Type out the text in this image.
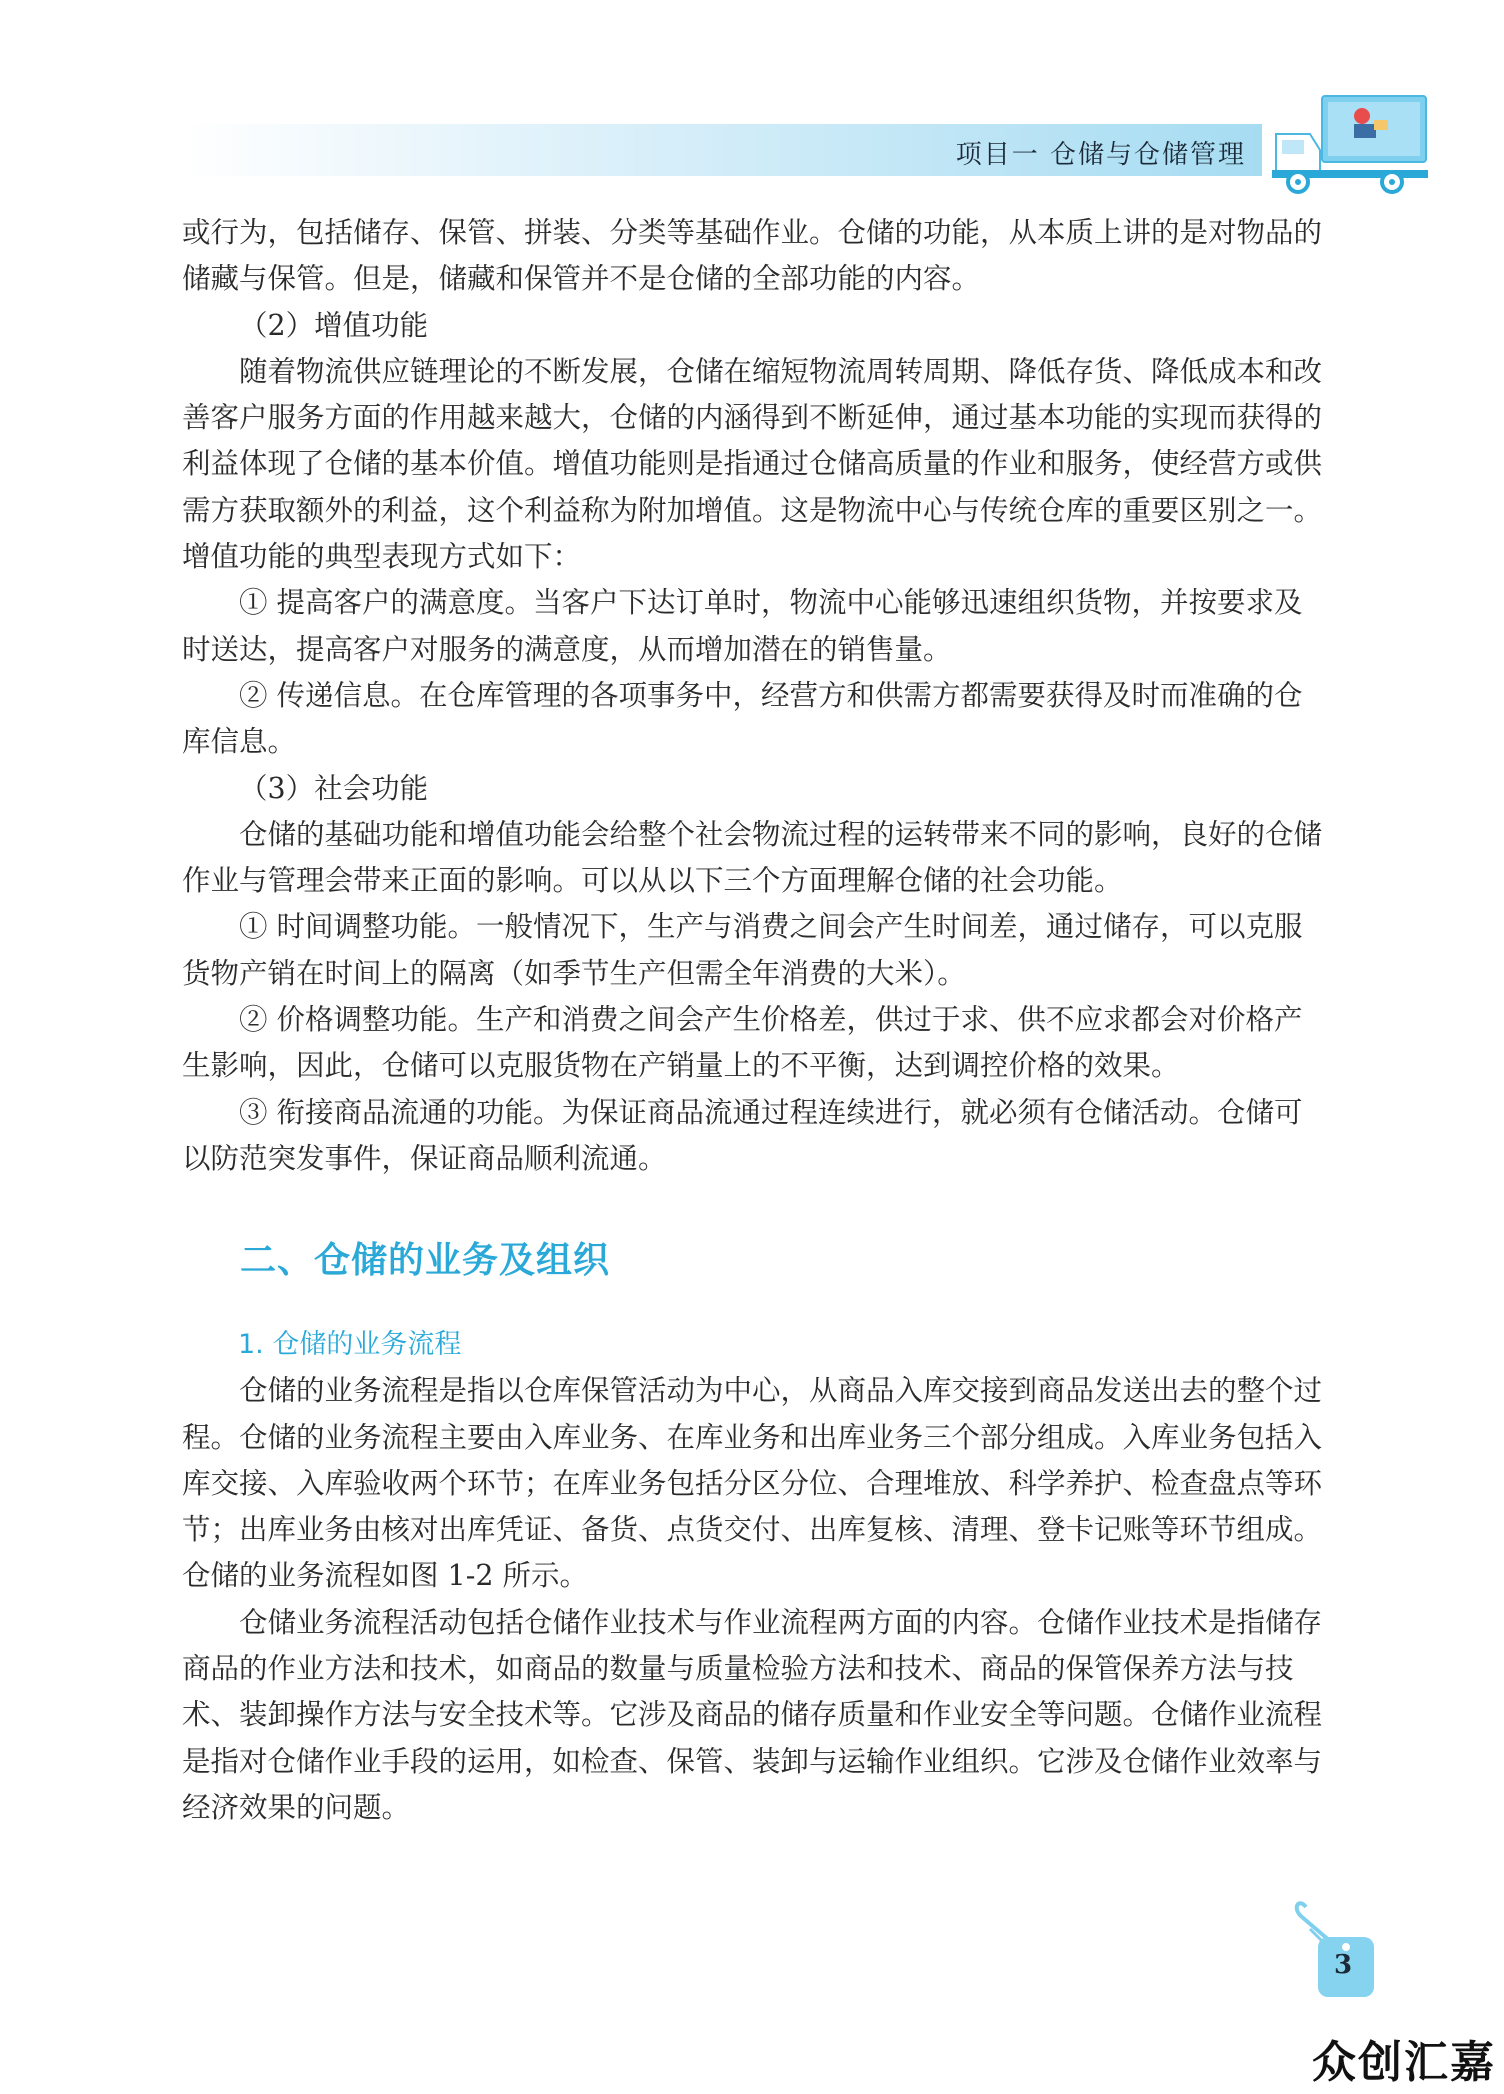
项目一 仓储与仓储管理

或行为，包括储存、保管、拼装、分类等基础作业。仓储的功能，从本质上讲的是对物品的储藏与保管。但是，储藏和保管并不是仓储的全部功能的内容。

（2）增值功能

随着物流供应链理论的不断发展，仓储在缩短物流周转周期、降低存货、降低成本和改善客户服务方面的作用越来越大，仓储的内涵得到不断延伸，通过基本功能的实现而获得的利益体现了仓储的基本价值。增值功能则是指通过仓储高质量的作业和服务，使经营方或供需方获取额外的利益，这个利益称为附加增值。这是物流中心与传统仓库的重要区别之一。增值功能的典型表现方式如下：

① 提高客户的满意度。当客户下达订单时，物流中心能够迅速组织货物，并按要求及时送达，提高客户对服务的满意度，从而增加潜在的销售量。

② 传递信息。在仓库管理的各项事务中，经营方和供需方都需要获得及时而准确的仓库信息。

（3）社会功能

仓储的基础功能和增值功能会给整个社会物流过程的运转带来不同的影响，良好的仓储作业与管理会带来正面的影响。可以从以下三个方面理解仓储的社会功能。

① 时间调整功能。一般情况下，生产与消费之间会产生时间差，通过储存，可以克服货物产销在时间上的隔离（如季节生产但需全年消费的大米）。

② 价格调整功能。生产和消费之间会产生价格差，供过于求、供不应求都会对价格产生影响，因此，仓储可以克服货物在产销量上的不平衡，达到调控价格的效果。

③ 衔接商品流通的功能。为保证商品流通过程连续进行，就必须有仓储活动。仓储可以防范突发事件，保证商品顺利流通。

二、仓储的业务及组织

1. 仓储的业务流程

仓储的业务流程是指以仓库保管活动为中心，从商品入库交接到商品发送出去的整个过程。仓储的业务流程主要由入库业务、在库业务和出库业务三个部分组成。入库业务包括入库交接、入库验收两个环节；在库业务包括分区分位、合理堆放、科学养护、检查盘点等环节；出库业务由核对出库凭证、备货、点货交付、出库复核、清理、登卡记账等环节组成。仓储的业务流程如图 1-2 所示。

仓储业务流程活动包括仓储作业技术与作业流程两方面的内容。仓储作业技术是指储存商品的作业方法和技术，如商品的数量与质量检验方法和技术、商品的保管保养方法与技术、装卸操作方法与安全技术等。它涉及商品的储存质量和作业安全等问题。仓储作业流程是指对仓储作业手段的运用，如检查、保管、装卸与运输作业组织。它涉及仓储作业效率与经济效果的问题。

3
众创汇嘉
